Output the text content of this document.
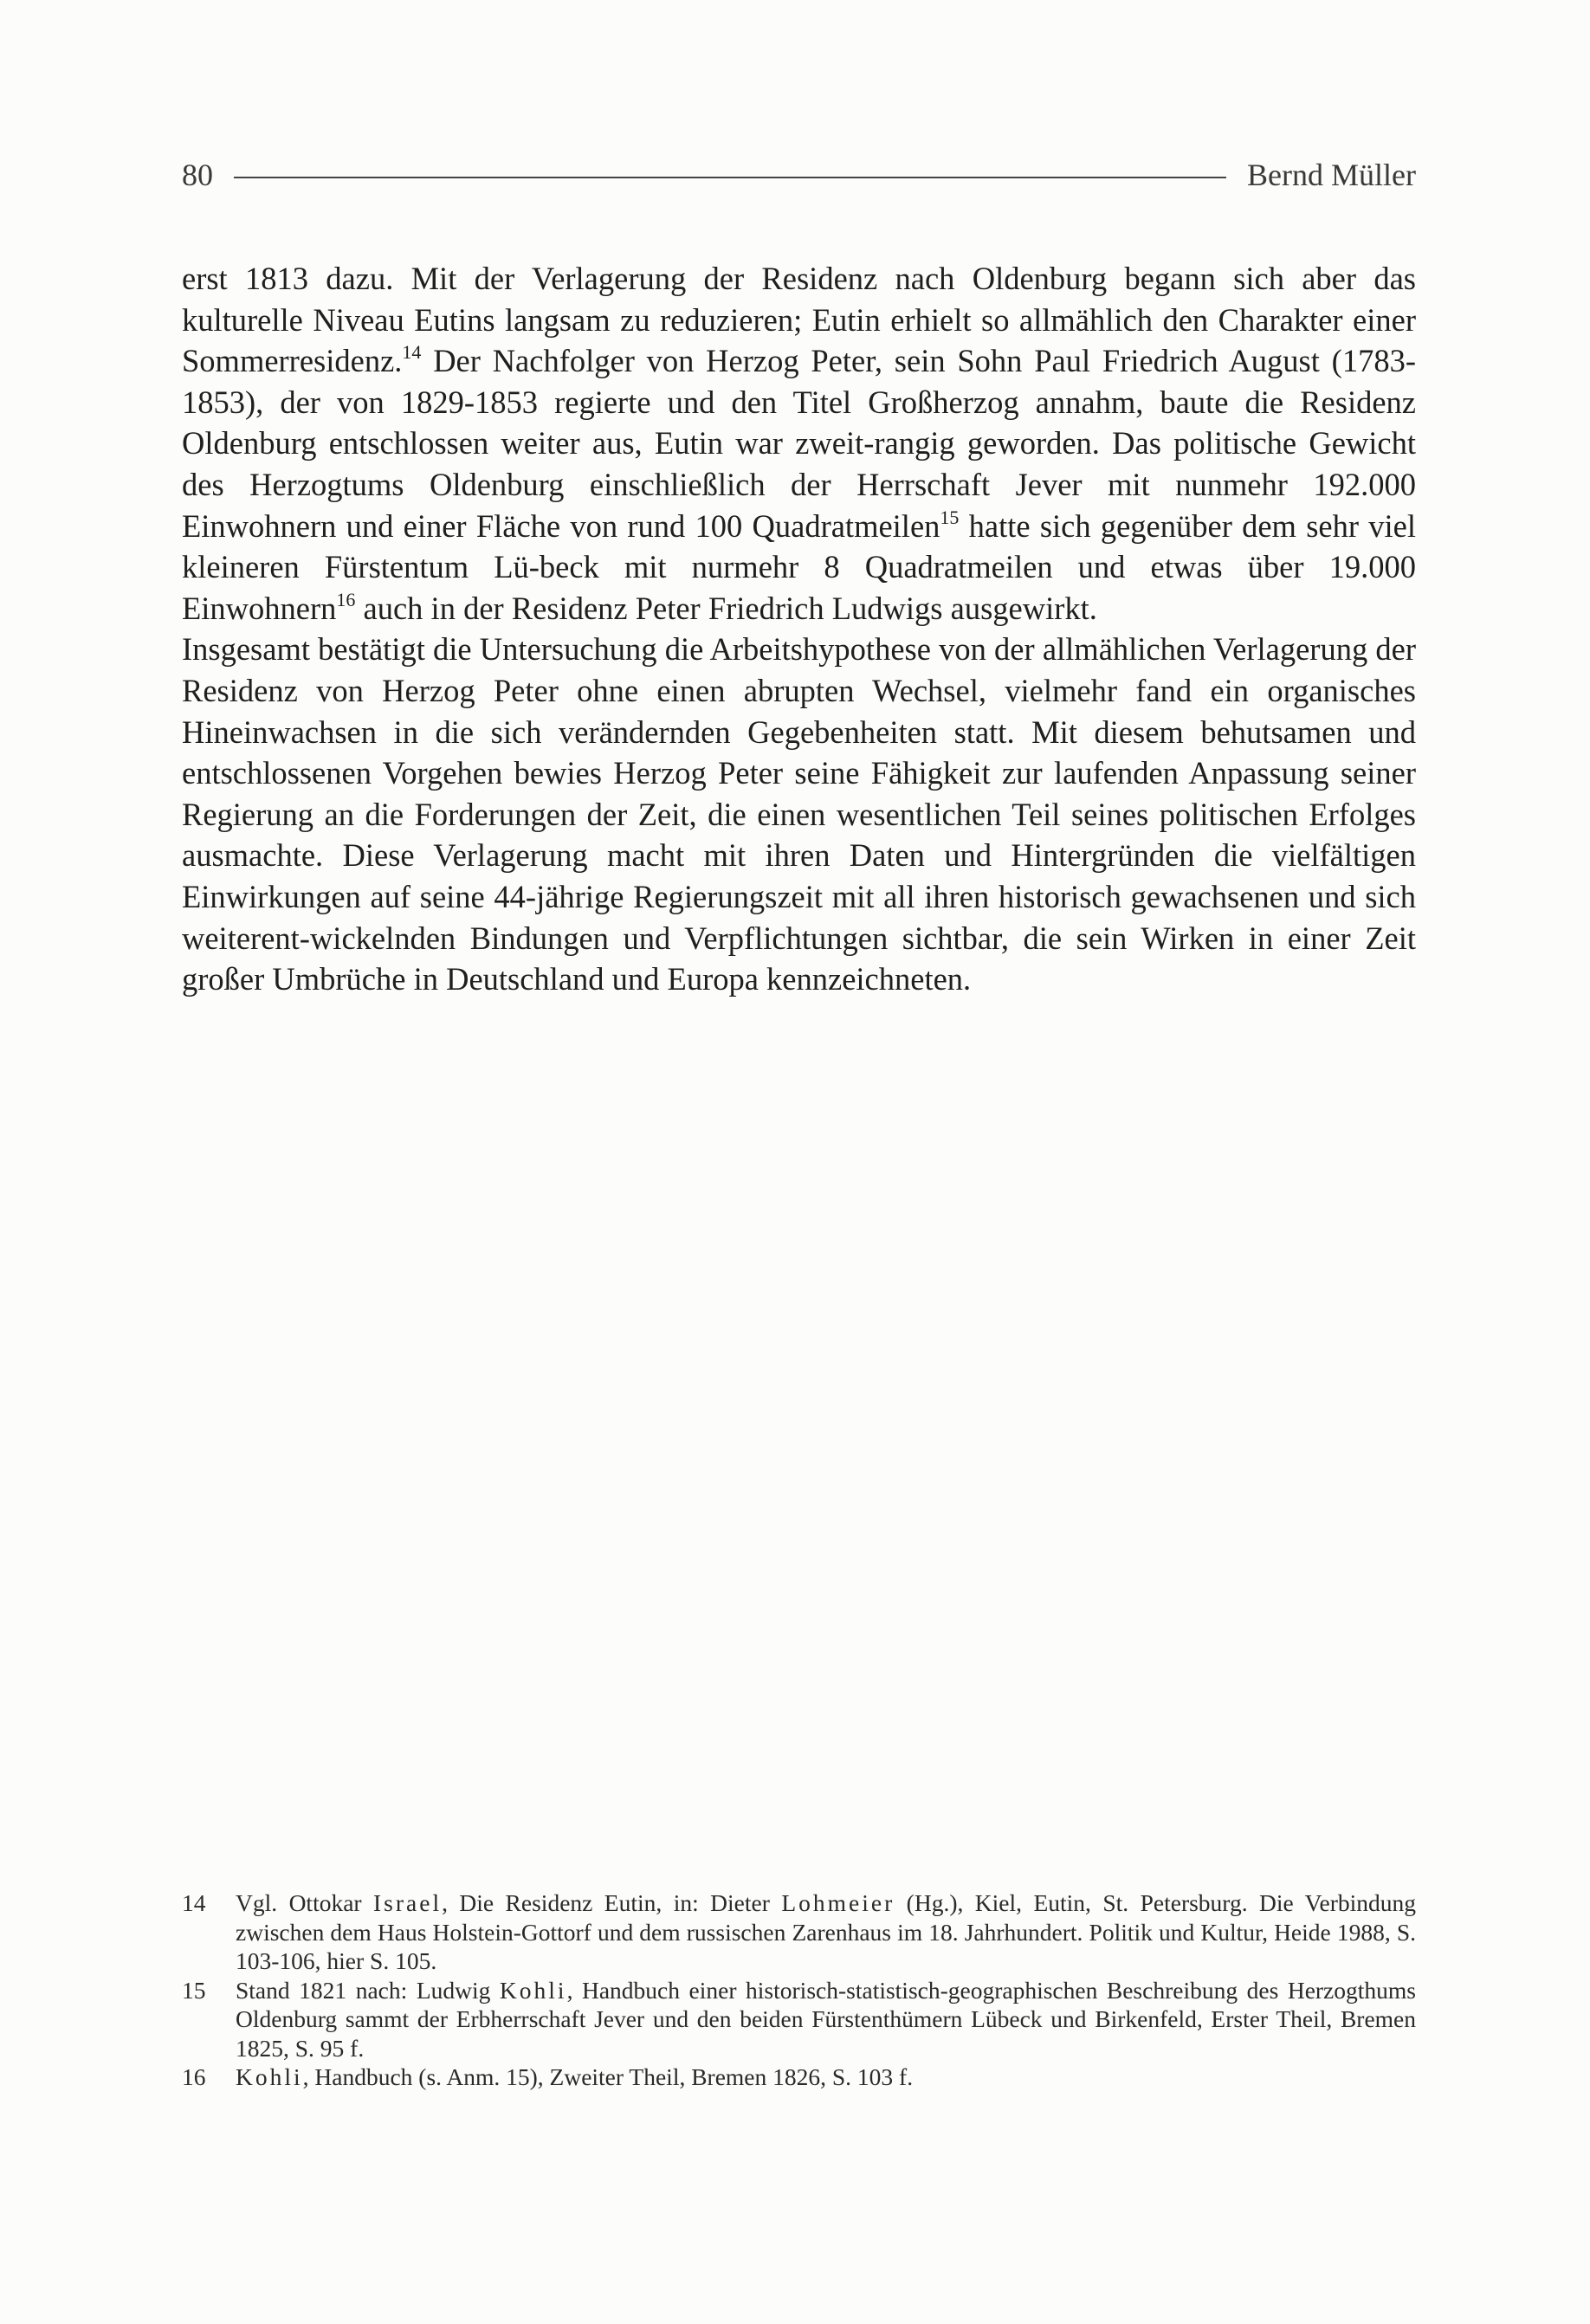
80	Bernd Müller

erst 1813 dazu. Mit der Verlagerung der Residenz nach Oldenburg begann sich aber das kulturelle Niveau Eutins langsam zu reduzieren; Eutin erhielt so allmählich den Charakter einer Sommerresidenz.$^{14}$ Der Nachfolger von Herzog Peter, sein Sohn Paul Friedrich August (1783-1853), der von 1829-1853 regierte und den Titel Großherzog annahm, baute die Residenz Oldenburg entschlossen weiter aus, Eutin war zweit-rangig geworden. Das politische Gewicht des Herzogtums Oldenburg einschließlich der Herrschaft Jever mit nunmehr 192.000 Einwohnern und einer Fläche von rund 100 Quadratmeilen$^{15}$ hatte sich gegenüber dem sehr viel kleineren Fürstentum Lü-beck mit nurmehr 8 Quadratmeilen und etwas über 19.000 Einwohnern$^{16}$ auch in der Residenz Peter Friedrich Ludwigs ausgewirkt.

Insgesamt bestätigt die Untersuchung die Arbeitshypothese von der allmählichen Verlagerung der Residenz von Herzog Peter ohne einen abrupten Wechsel, vielmehr fand ein organisches Hineinwachsen in die sich verändernden Gegebenheiten statt. Mit diesem behutsamen und entschlossenen Vorgehen bewies Herzog Peter seine Fähigkeit zur laufenden Anpassung seiner Regierung an die Forderungen der Zeit, die einen wesentlichen Teil seines politischen Erfolges ausmachte. Diese Verlagerung macht mit ihren Daten und Hintergründen die vielfältigen Einwirkungen auf seine 44-jährige Regierungszeit mit all ihren historisch gewachsenen und sich weiterent-wickelnden Bindungen und Verpflichtungen sichtbar, die sein Wirken in einer Zeit großer Umbrüche in Deutschland und Europa kennzeichneten.

14	Vgl. Ottokar Israel, Die Residenz Eutin, in: Dieter Lohmeier (Hg.), Kiel, Eutin, St. Petersburg. Die Verbindung zwischen dem Haus Holstein-Gottorf und dem russischen Zarenhaus im 18. Jahrhundert. Politik und Kultur, Heide 1988, S. 103-106, hier S. 105.
15	Stand 1821 nach: Ludwig Kohli, Handbuch einer historisch-statistisch-geographischen Beschreibung des Herzogthums Oldenburg sammt der Erbherrschaft Jever und den beiden Fürstenthümern Lübeck und Birkenfeld, Erster Theil, Bremen 1825, S. 95 f.
16	Kohli, Handbuch (s. Anm. 15), Zweiter Theil, Bremen 1826, S. 103 f.
